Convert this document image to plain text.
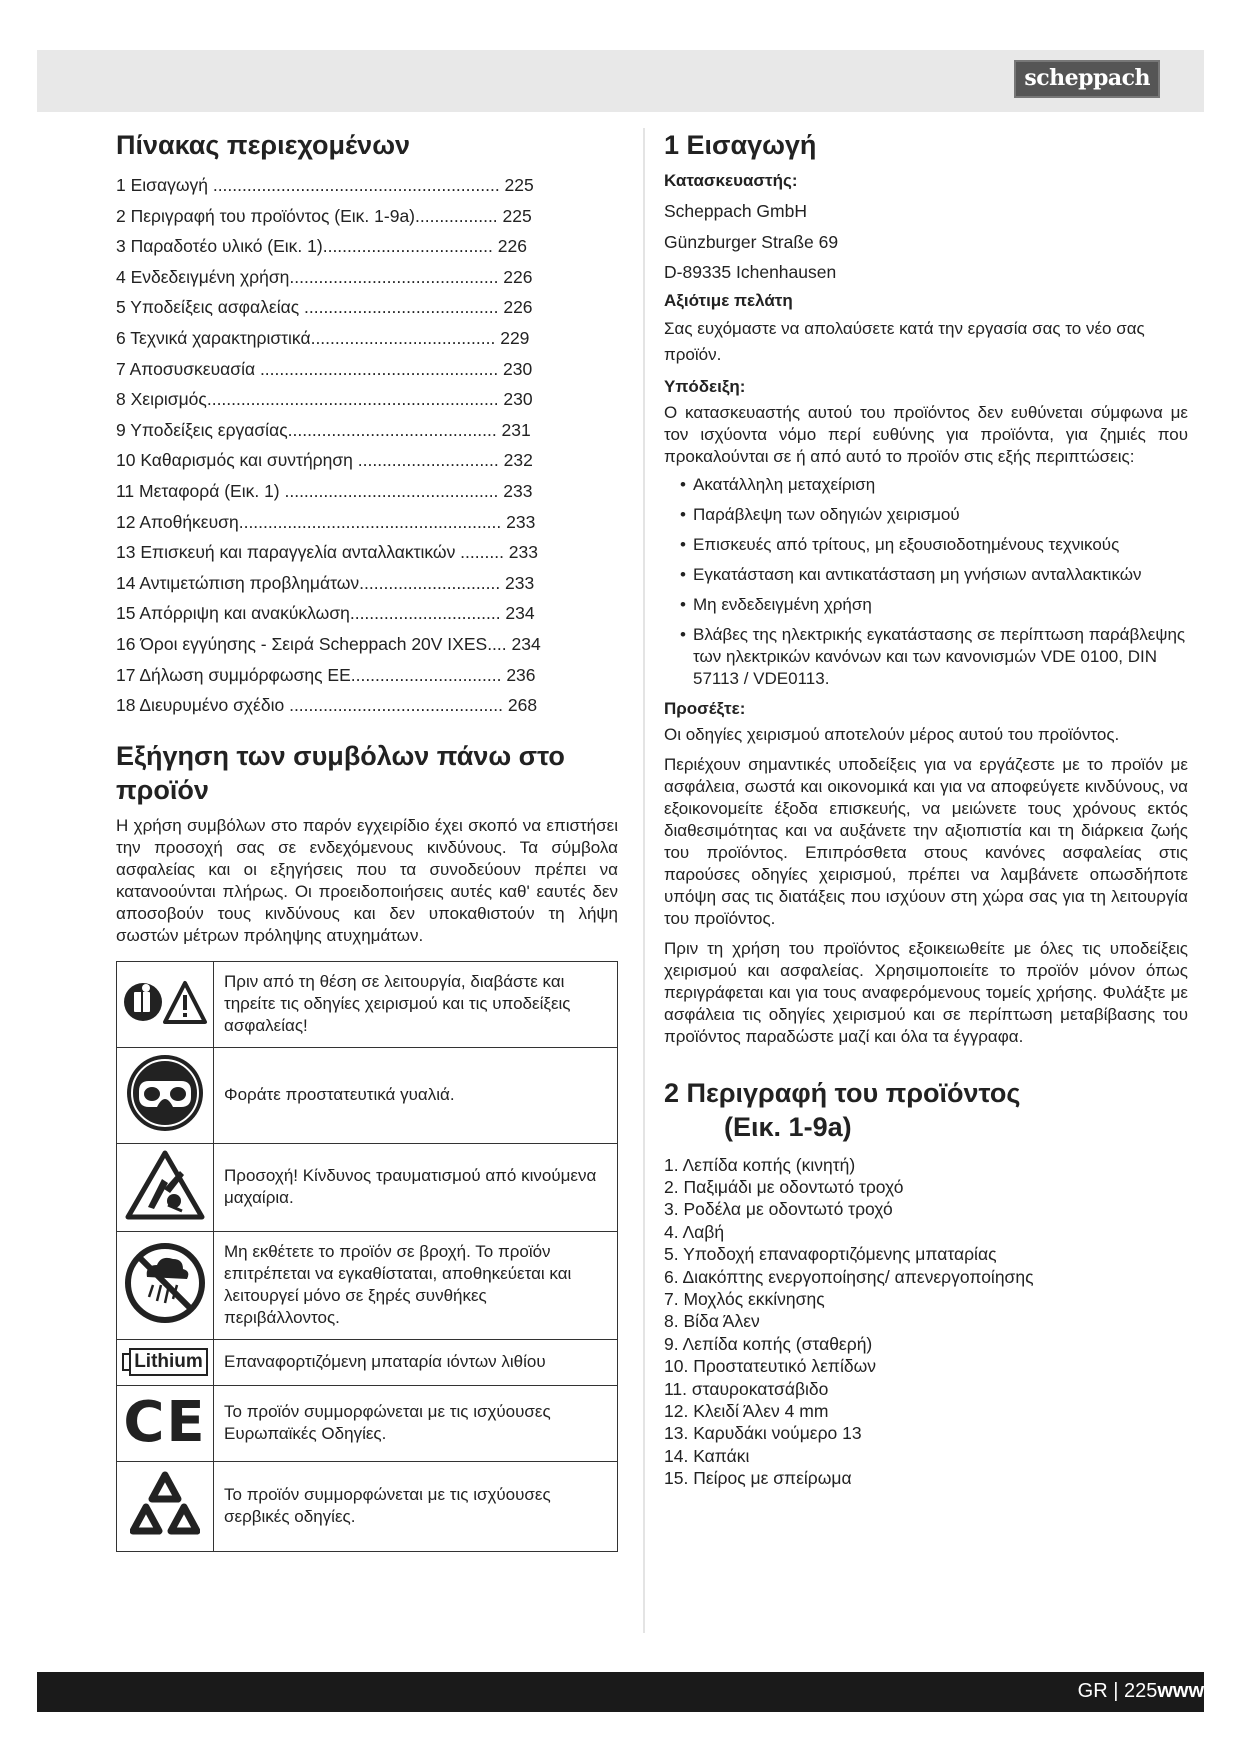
scheppach
Πίνακας περιεχομένων
1 Εισαγωγή ........................................................... 225
2 Περιγραφή του προϊόντος (Εικ. 1-9a)................. 225
3 Παραδοτέο υλικό (Εικ. 1)................................... 226
4 Ενδεδειγμένη χρήση........................................... 226
5 Υποδείξεις ασφαλείας ........................................ 226
6 Τεχνικά χαρακτηριστικά...................................... 229
7 Αποσυσκευασία ................................................. 230
8 Χειρισμός............................................................ 230
9 Υποδείξεις εργασίας........................................... 231
10 Καθαρισμός και συντήρηση ............................. 232
11 Μεταφορά (Εικ. 1) ............................................ 233
12 Αποθήκευση...................................................... 233
13 Επισκευή και παραγγελία ανταλλακτικών ......... 233
14 Αντιμετώπιση προβλημάτων............................. 233
15 Απόρριψη και ανακύκλωση............................... 234
16 Όροι εγγύησης - Σειρά Scheppach 20V IXES.... 234
17 Δήλωση συμμόρφωσης ΕΕ............................... 236
18 Διευρυμένο σχέδιο ............................................ 268
Εξήγηση των συμβόλων πάνω στο προϊόν

Η χρήση συμβόλων στο παρόν εγχειρίδιο έχει σκοπό να επιστήσει την προσοχή σας σε ενδεχόμενους κινδύνους. Τα σύμβολα ασφαλείας και οι εξηγήσεις που τα συνοδεύουν πρέπει να κατανοούνται πλήρως. Οι προειδοποιήσεις αυτές καθ' εαυτές δεν αποσοβούν τους κινδύνους και δεν υποκαθιστούν τη λήψη σωστών μέτρων πρόληψης ατυχημάτων.

	Πριν από τη θέση σε λειτουργία, διαβάστε και τηρείτε τις οδηγίες χειρισμού και τις υποδείξεις ασφαλείας!
	Φοράτε προστατευτικά γυαλιά.
	Προσοχή! Κίνδυνος τραυματισμού από κινούμενα μαχαίρια.
	Μη εκθέτετε το προϊόν σε βροχή. Το προϊόν επιτρέπεται να εγκαθίσταται, αποθηκεύεται και λειτουργεί μόνο σε ξηρές συνθήκες περιβάλλοντος.

Lithium	Επαναφορτιζόμενη μπαταρία ιόντων λιθίου
CE	Το προϊόν συμμορφώνεται με τις ισχύουσες Ευρωπαϊκές Οδηγίες.
	Το προϊόν συμμορφώνεται με τις ισχύουσες σερβικές οδηγίες.
1 Εισαγωγή
Κατασκευαστής:
Scheppach GmbH
Günzburger Straße 69
D-89335 Ichenhausen
Αξιότιμε πελάτη

Σας ευχόμαστε να απολαύσετε κατά την εργασία σας το νέο σας προϊόν.

Υπόδειξη:

Ο κατασκευαστής αυτού του προϊόντος δεν ευθύνεται σύμφωνα με τον ισχύοντα νόμο περί ευθύνης για προϊόντα, για ζημιές που προκαλούνται σε ή από αυτό το προϊόν στις εξής περιπτώσεις:

• Ακατάλληλη μεταχείριση
• Παράβλεψη των οδηγιών χειρισμού
• Επισκευές από τρίτους, μη εξουσιοδοτημένους τεχνικούς
• Εγκατάσταση και αντικατάσταση μη γνήσιων ανταλλακτικών
• Μη ενδεδειγμένη χρήση
• Βλάβες της ηλεκτρικής εγκατάστασης σε περίπτωση παράβλεψης των ηλεκτρικών κανόνων και των κανονισμών VDE 0100, DIN 57113 / VDE0113.
Προσέξτε:

Οι οδηγίες χειρισμού αποτελούν μέρος αυτού του προϊόντος.

Περιέχουν σημαντικές υποδείξεις για να εργάζεστε με το προϊόν με ασφάλεια, σωστά και οικονομικά και για να αποφεύγετε κινδύνους, να εξοικονομείτε έξοδα επισκευής, να μειώνετε τους χρόνους εκτός διαθεσιμότητας και να αυξάνετε την αξιοπιστία και τη διάρκεια ζωής του προϊόντος. Επιπρόσθετα στους κανόνες ασφαλείας στις παρούσες οδηγίες χειρισμού, πρέπει να λαμβάνετε οπωσδήποτε υπόψη σας τις διατάξεις που ισχύουν στη χώρα σας για τη λειτουργία του προϊόντος.

Πριν τη χρήση του προϊόντος εξοικειωθείτε με όλες τις υποδείξεις χειρισμού και ασφαλείας. Χρησιμοποιείτε το προϊόν μόνον όπως περιγράφεται και για τους αναφερόμενους τομείς χρήσης. Φυλάξτε με ασφάλεια τις οδηγίες χειρισμού και σε περίπτωση μεταβίβασης του προϊόντος παραδώστε μαζί και όλα τα έγγραφα.

2 Περιγραφή του προϊόντος
(Εικ. 1-9a)
1. Λεπίδα κοπής (κινητή)
2. Παξιμάδι με οδοντωτό τροχό
3. Ροδέλα με οδοντωτό τροχό
4. Λαβή
5. Υποδοχή επαναφορτιζόμενης μπαταρίας
6. Διακόπτης ενεργοποίησης/ απενεργοποίησης
7. Μοχλός εκκίνησης
8. Βίδα Άλεν
9. Λεπίδα κοπής (σταθερή)
10. Προστατευτικό λεπίδων
11. σταυροκατσάβιδο
12. Κλειδί Άλεν 4 mm
13. Καρυδάκι νούμερο 13
14. Καπάκι
15. Πείρος με σπείρωμα
GR | 225www
